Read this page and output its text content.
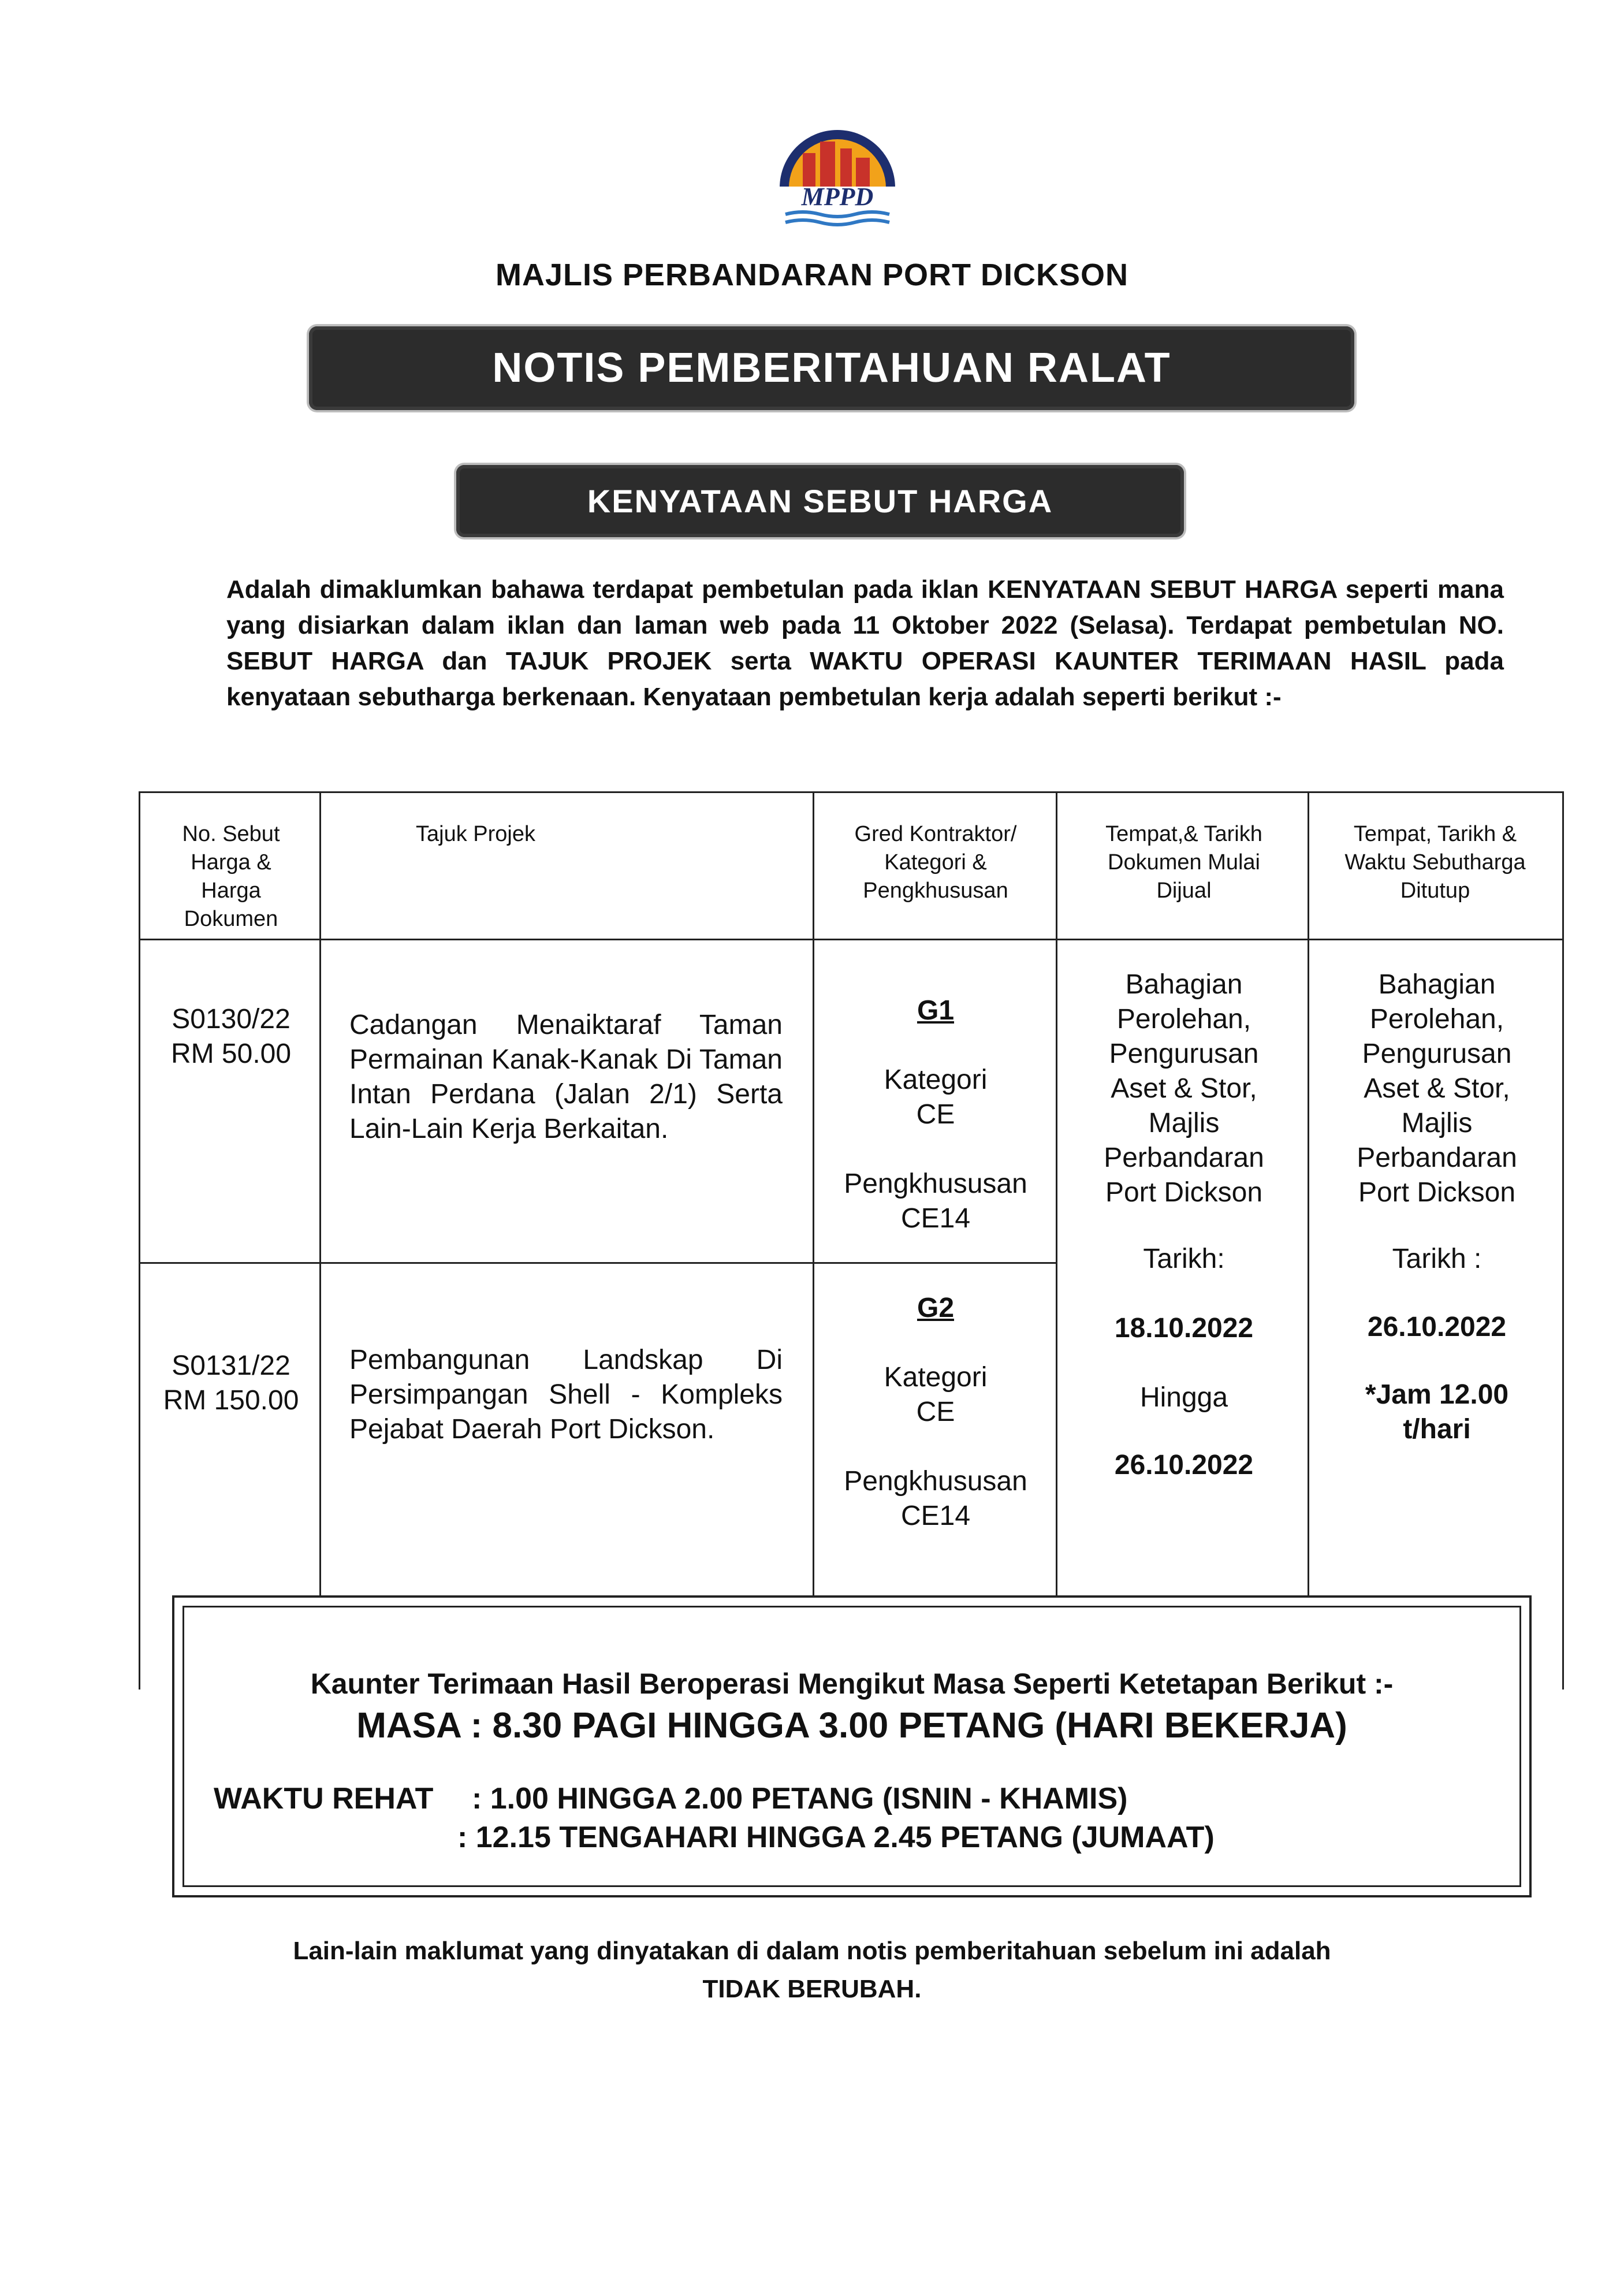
MPPD
MAJLIS PERBANDARAN PORT DICKSON
NOTIS PEMBERITAHUAN RALAT
KENYATAAN SEBUT HARGA
Adalah dimaklumkan bahawa terdapat pembetulan pada iklan KENYATAAN SEBUT HARGA seperti mana yang disiarkan dalam iklan dan laman web pada 11 Oktober 2022 (Selasa). Terdapat pembetulan NO. SEBUT HARGA dan TAJUK PROJEK serta WAKTU OPERASI KAUNTER TERIMAAN HASIL pada kenyataan sebutharga berkenaan. Kenyataan pembetulan kerja adalah seperti berikut :-
No. Sebut Harga & Harga Dokumen
Tajuk Projek	Gred Kontraktor/ Kategori & Pengkhususan
Tempat,& Tarikh Dokumen Mulai Dijual
Tempat, Tarikh & Waktu Sebutharga Ditutup
S0130/22
RM 50.00
Cadangan Menaiktaraf Taman Permainan Kanak-Kanak Di Taman Intan Perdana (Jalan 2/1) Serta Lain-Lain Kerja Berkaitan.
G1
Kategori
CE
Pengkhususan
CE14
S0131/22
RM 150.00
Pembangunan Landskap Di Persimpangan Shell - Kompleks Pejabat Daerah Port Dickson.
G2
Kategori
CE
Pengkhususan
CE14
Bahagian Perolehan, Pengurusan Aset & Stor, Majlis Perbandaran Port Dickson
Tarikh:
18.10.2022
Hingga
26.10.2022
Bahagian Perolehan, Pengurusan Aset & Stor, Majlis Perbandaran Port Dickson
Tarikh :
26.10.2022
*Jam 12.00 t/hari
Kaunter Terimaan Hasil Beroperasi Mengikut Masa Seperti Ketetapan Berikut :-
MASA : 8.30 PAGI HINGGA 3.00 PETANG (HARI BEKERJA)
WAKTU REHAT : 1.00 HINGGA 2.00 PETANG (ISNIN - KHAMIS)
: 12.15 TENGAHARI HINGGA 2.45 PETANG (JUMAAT)
Lain-lain maklumat yang dinyatakan di dalam notis pemberitahuan sebelum ini adalah
TIDAK BERUBAH.
